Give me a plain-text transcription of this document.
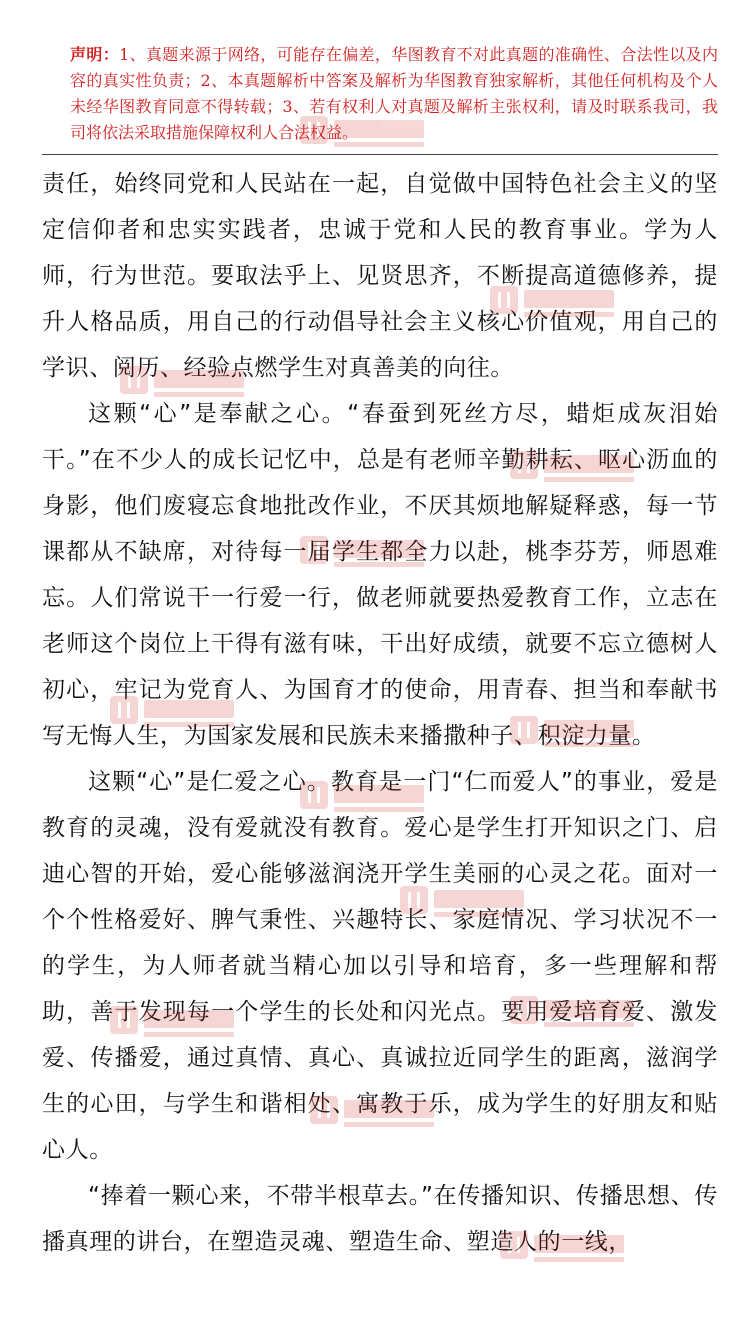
声明：1、真题来源于网络，可能存在偏差，华图教育不对此真题的准确性、合法性以及内容的真实性负责；2、本真题解析中答案及解析为华图教育独家解析，其他任何机构及个人未经华图教育同意不得转载；3、若有权利人对真题及解析主张权利，请及时联系我司，我司将依法采取措施保障权利人合法权益。

责任，始终同党和人民站在一起，自觉做中国特色社会主义的坚定信仰者和忠实实践者，忠诚于党和人民的教育事业。学为人师，行为世范。要取法乎上、见贤思齐，不断提高道德修养，提升人格品质，用自己的行动倡导社会主义核心价值观，用自己的学识、阅历、经验点燃学生对真善美的向往。

这颗“心”是奉献之心。“春蚕到死丝方尽，蜡炬成灰泪始干。”在不少人的成长记忆中，总是有老师辛勤耕耘、呕心沥血的身影，他们废寝忘食地批改作业，不厌其烦地解疑释惑，每一节课都从不缺席，对待每一届学生都全力以赴，桃李芬芳，师恩难忘。人们常说干一行爱一行，做老师就要热爱教育工作，立志在老师这个岗位上干得有滋有味，干出好成绩，就要不忘立德树人初心，牢记为党育人、为国育才的使命，用青春、担当和奉献书写无悔人生，为国家发展和民族未来播撒种子、积淀力量。

这颗“心”是仁爱之心。教育是一门“仁而爱人”的事业，爱是教育的灵魂，没有爱就没有教育。爱心是学生打开知识之门、启迪心智的开始，爱心能够滋润浇开学生美丽的心灵之花。面对一个个性格爱好、脾气秉性、兴趣特长、家庭情况、学习状况不一的学生，为人师者就当精心加以引导和培育，多一些理解和帮助，善于发现每一个学生的长处和闪光点。要用爱培育爱、激发爱、传播爱，通过真情、真心、真诚拉近同学生的距离，滋润学生的心田，与学生和谐相处、寓教于乐，成为学生的好朋友和贴心人。

“捧着一颗心来，不带半根草去。”在传播知识、传播思想、传播真理的讲台，在塑造灵魂、塑造生命、塑造人的一线，
